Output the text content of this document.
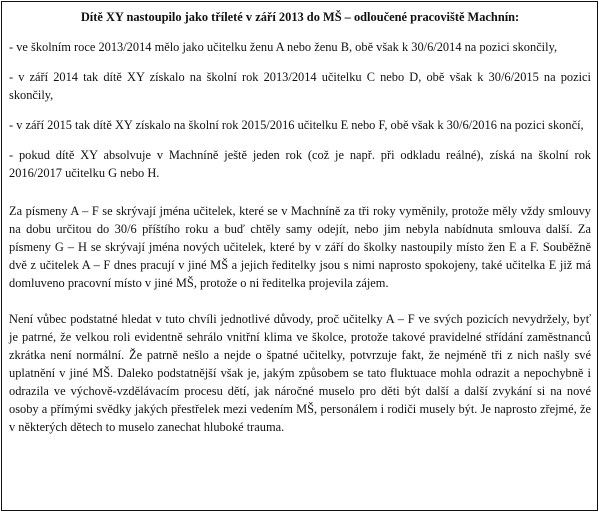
Dítě XY nastoupilo jako tříleté v září 2013 do MŠ – odloučené pracoviště Machnín:

- ve školním roce 2013/2014 mělo jako učitelku ženu A nebo ženu B, obě však k 30/6/2014 na pozici skončily,

- v září 2014 tak dítě XY získalo na školní rok 2013/2014 učitelku C nebo D, obě však k 30/6/2015 na pozici skončily,

- v září 2015 tak dítě XY získalo na školní rok 2015/2016 učitelku E nebo F, obě však k 30/6/2016 na pozici skončí,

- pokud dítě XY absolvuje v Machníně ještě jeden rok (což je např. při odkladu reálné), získá na školní rok 2016/2017 učitelku G nebo H.

Za písmeny A – F se skrývají jména učitelek, které se v Machníně za tři roky vyměnily, protože měly vždy smlouvy na dobu určitou do 30/6 příštího roku a buď chtěly samy odejít, nebo jim nebyla nabídnuta smlouva další. Za písmeny G – H se skrývají jména nových učitelek, které by v září do školky nastoupily místo žen E a F. Souběžně dvě z učitelek A – F dnes pracují v jiné MŠ a jejich ředitelky jsou s nimi naprosto spokojeny, také učitelka E již má domluveno pracovní místo v jiné MŠ, protože o ni ředitelka projevila zájem.

Není vůbec podstatné hledat v tuto chvíli jednotlivé důvody, proč učitelky A – F ve svých pozicích nevydržely, byť je patrné, že velkou roli evidentně sehrálo vnitřní klima ve školce, protože takové pravidelné střídání zaměstnanců zkrátka není normální. Že patrně nešlo a nejde o špatné učitelky, potvrzuje fakt, že nejméně tři z nich našly své uplatnění v jiné MŠ. Daleko podstatnější však je, jakým způsobem se tato fluktuace mohla odrazit a nepochybně i odrazila ve výchově-vzdělávacím procesu dětí, jak náročné muselo pro děti být další a další zvykání si na nové osoby a přímými svědky jakých přestřelek mezi vedením MŠ, personálem i rodiči musely být. Je naprosto zřejmé, že v některých dětech to muselo zanechat hluboké trauma.
